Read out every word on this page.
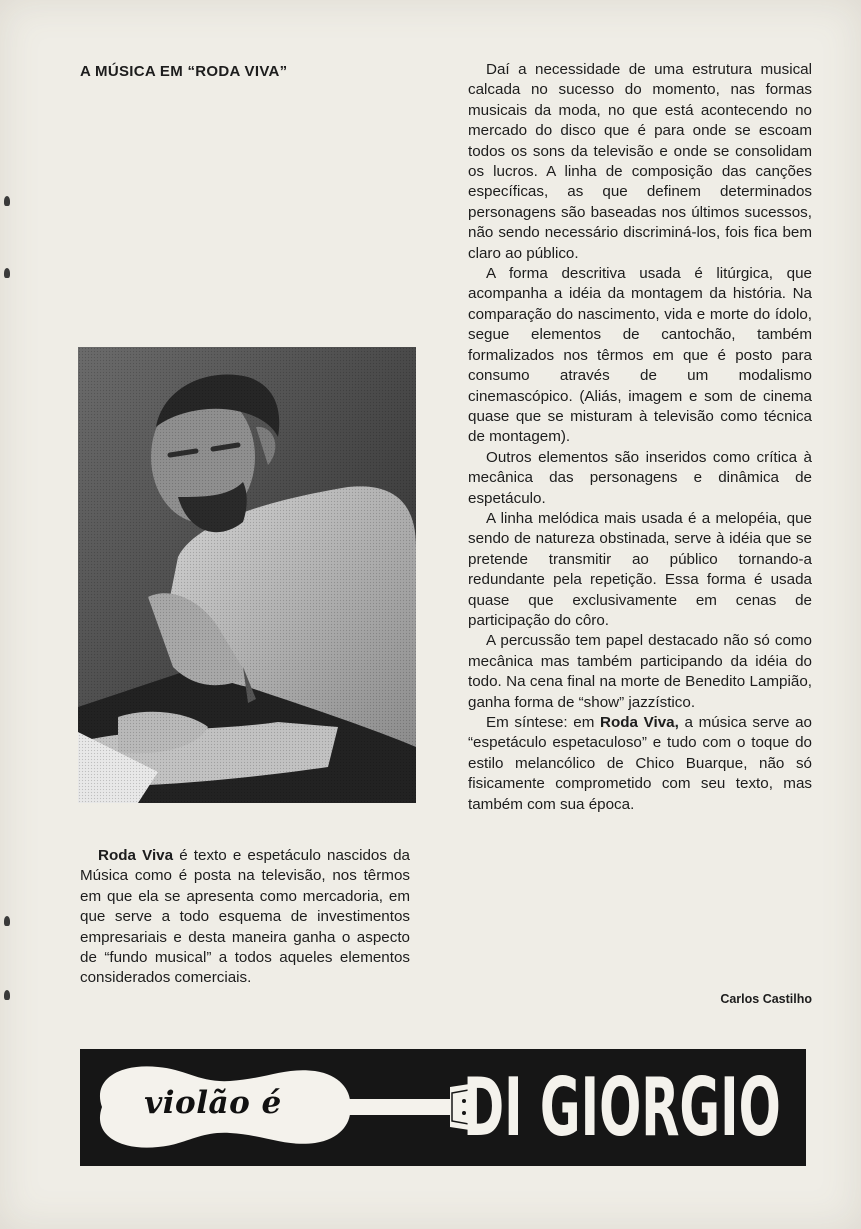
A MÚSICA EM “RODA VIVA”

Roda Viva é texto e espetáculo nascidos da Música como é posta na televisão, nos têrmos em que ela se apresenta como mercadoria, em que serve a todo esquema de investimentos empresariais e desta maneira ganha o aspecto de “fundo musical” a todos aqueles elementos considerados comerciais.

Daí a necessidade de uma estrutura musical calcada no sucesso do momento, nas formas musicais da moda, no que está acontecendo no mercado do disco que é para onde se escoam todos os sons da televisão e onde se consolidam os lucros. A linha de composição das canções específicas, as que definem determinados personagens são baseadas nos últimos sucessos, não sendo necessário discriminá-los, fois fica bem claro ao público.

A forma descritiva usada é litúrgica, que acompanha a idéia da montagem da história. Na comparação do nascimento, vida e morte do ídolo, segue elementos de cantochão, também formalizados nos têrmos em que é posto para consumo através de um modalismo cinemascópico. (Aliás, imagem e som de cinema quase que se misturam à televisão como técnica de montagem).

Outros elementos são inseridos como crítica à mecânica das personagens e dinâmica de espetáculo.

A linha melódica mais usada é a melopéia, que sendo de natureza obstinada, serve à idéia que se pretende transmitir ao público tornando-a redundante pela repetição. Essa forma é usada quase que exclusivamente em cenas de participação do côro.

A percussão tem papel destacado não só como mecânica mas também participando da idéia do todo. Na cena final na morte de Benedito Lampião, ganha forma de “show” jazzístico.

Em síntese: em Roda Viva, a música serve ao “espetáculo espetaculoso” e tudo com o toque do estilo melancólico de Chico Buarque, não só fisicamente comprometido com seu texto, mas também com sua época.

Carlos Castilho

violão é	DI GIORGIO
